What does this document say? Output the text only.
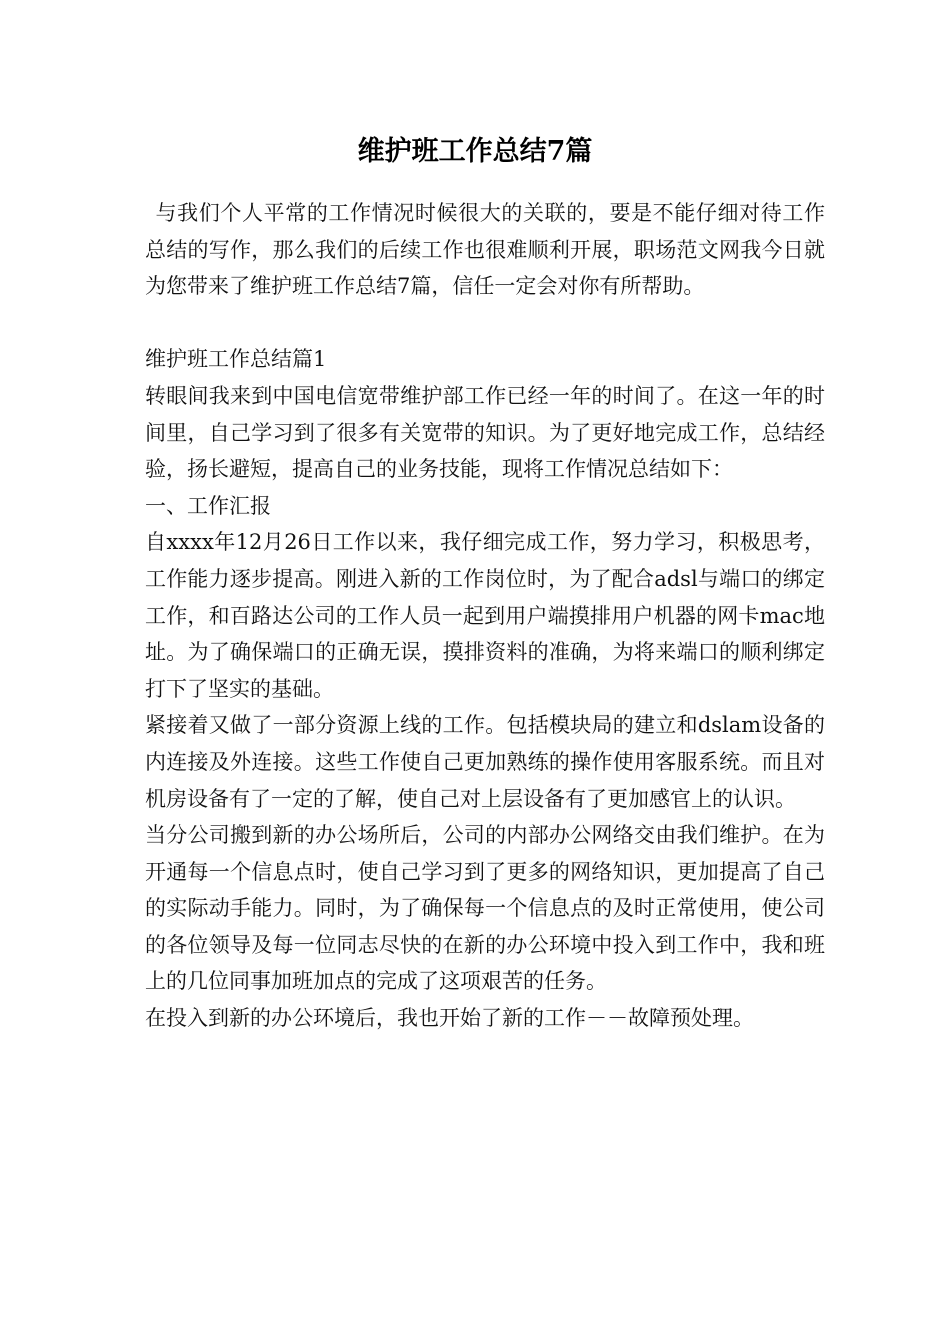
维护班工作总结7篇

与我们个人平常的工作情况时候很大的关联的，要是不能仔细对待工作总结的写作，那么我们的后续工作也很难顺利开展，职场范文网我今日就为您带来了维护班工作总结7篇，信任一定会对你有所帮助。

维护班工作总结篇1

转眼间我来到中国电信宽带维护部工作已经一年的时间了。在这一年的时间里，自己学习到了很多有关宽带的知识。为了更好地完成工作，总结经验，扬长避短，提高自己的业务技能，现将工作情况总结如下：

一、工作汇报

自xxxx年12月26日工作以来，我仔细完成工作，努力学习，积极思考，工作能力逐步提高。刚进入新的工作岗位时，为了配合adsl与端口的绑定工作，和百路达公司的工作人员一起到用户端摸排用户机器的网卡mac地址。为了确保端口的正确无误，摸排资料的准确，为将来端口的顺利绑定打下了坚实的基础。

紧接着又做了一部分资源上线的工作。包括模块局的建立和dslam设备的内连接及外连接。这些工作使自己更加熟练的操作使用客服系统。而且对机房设备有了一定的了解，使自己对上层设备有了更加感官上的认识。

当分公司搬到新的办公场所后，公司的内部办公网络交由我们维护。在为开通每一个信息点时，使自己学习到了更多的网络知识，更加提高了自己的实际动手能力。同时，为了确保每一个信息点的及时正常使用，使公司的各位领导及每一位同志尽快的在新的办公环境中投入到工作中，我和班上的几位同事加班加点的完成了这项艰苦的任务。

在投入到新的办公环境后，我也开始了新的工作－－故障预处理。
